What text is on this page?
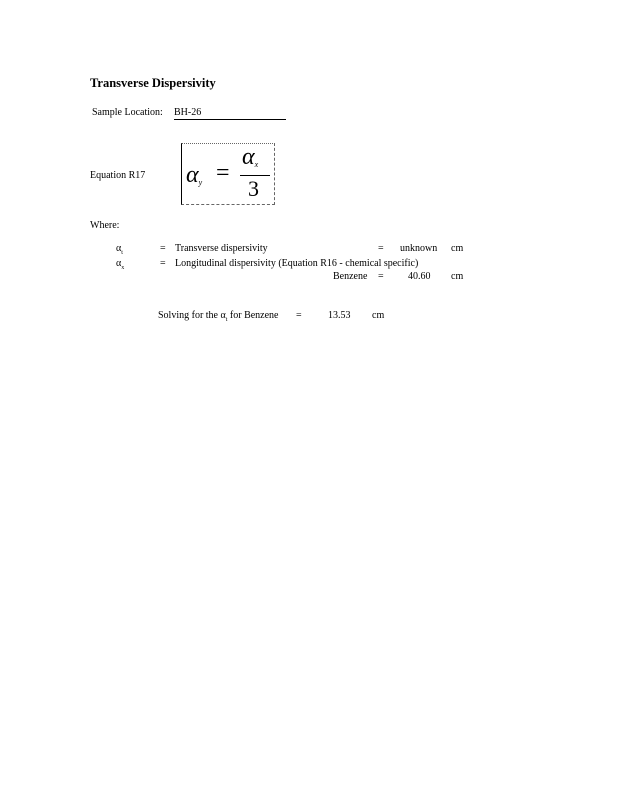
Transverse Dispersivity
Sample Location: BH-26
Equation R17 αy =
αx
3
Where:
$\alpha_t$	= Transverse dispersivity	= unknown cm
$\alpha_x$	= Longitudinal dispersivity (Equation R16 - chemical specific)
Benzene = 40.60 cm
Solving for the $\alpha_t$ for Benzene =	13.53 cm
